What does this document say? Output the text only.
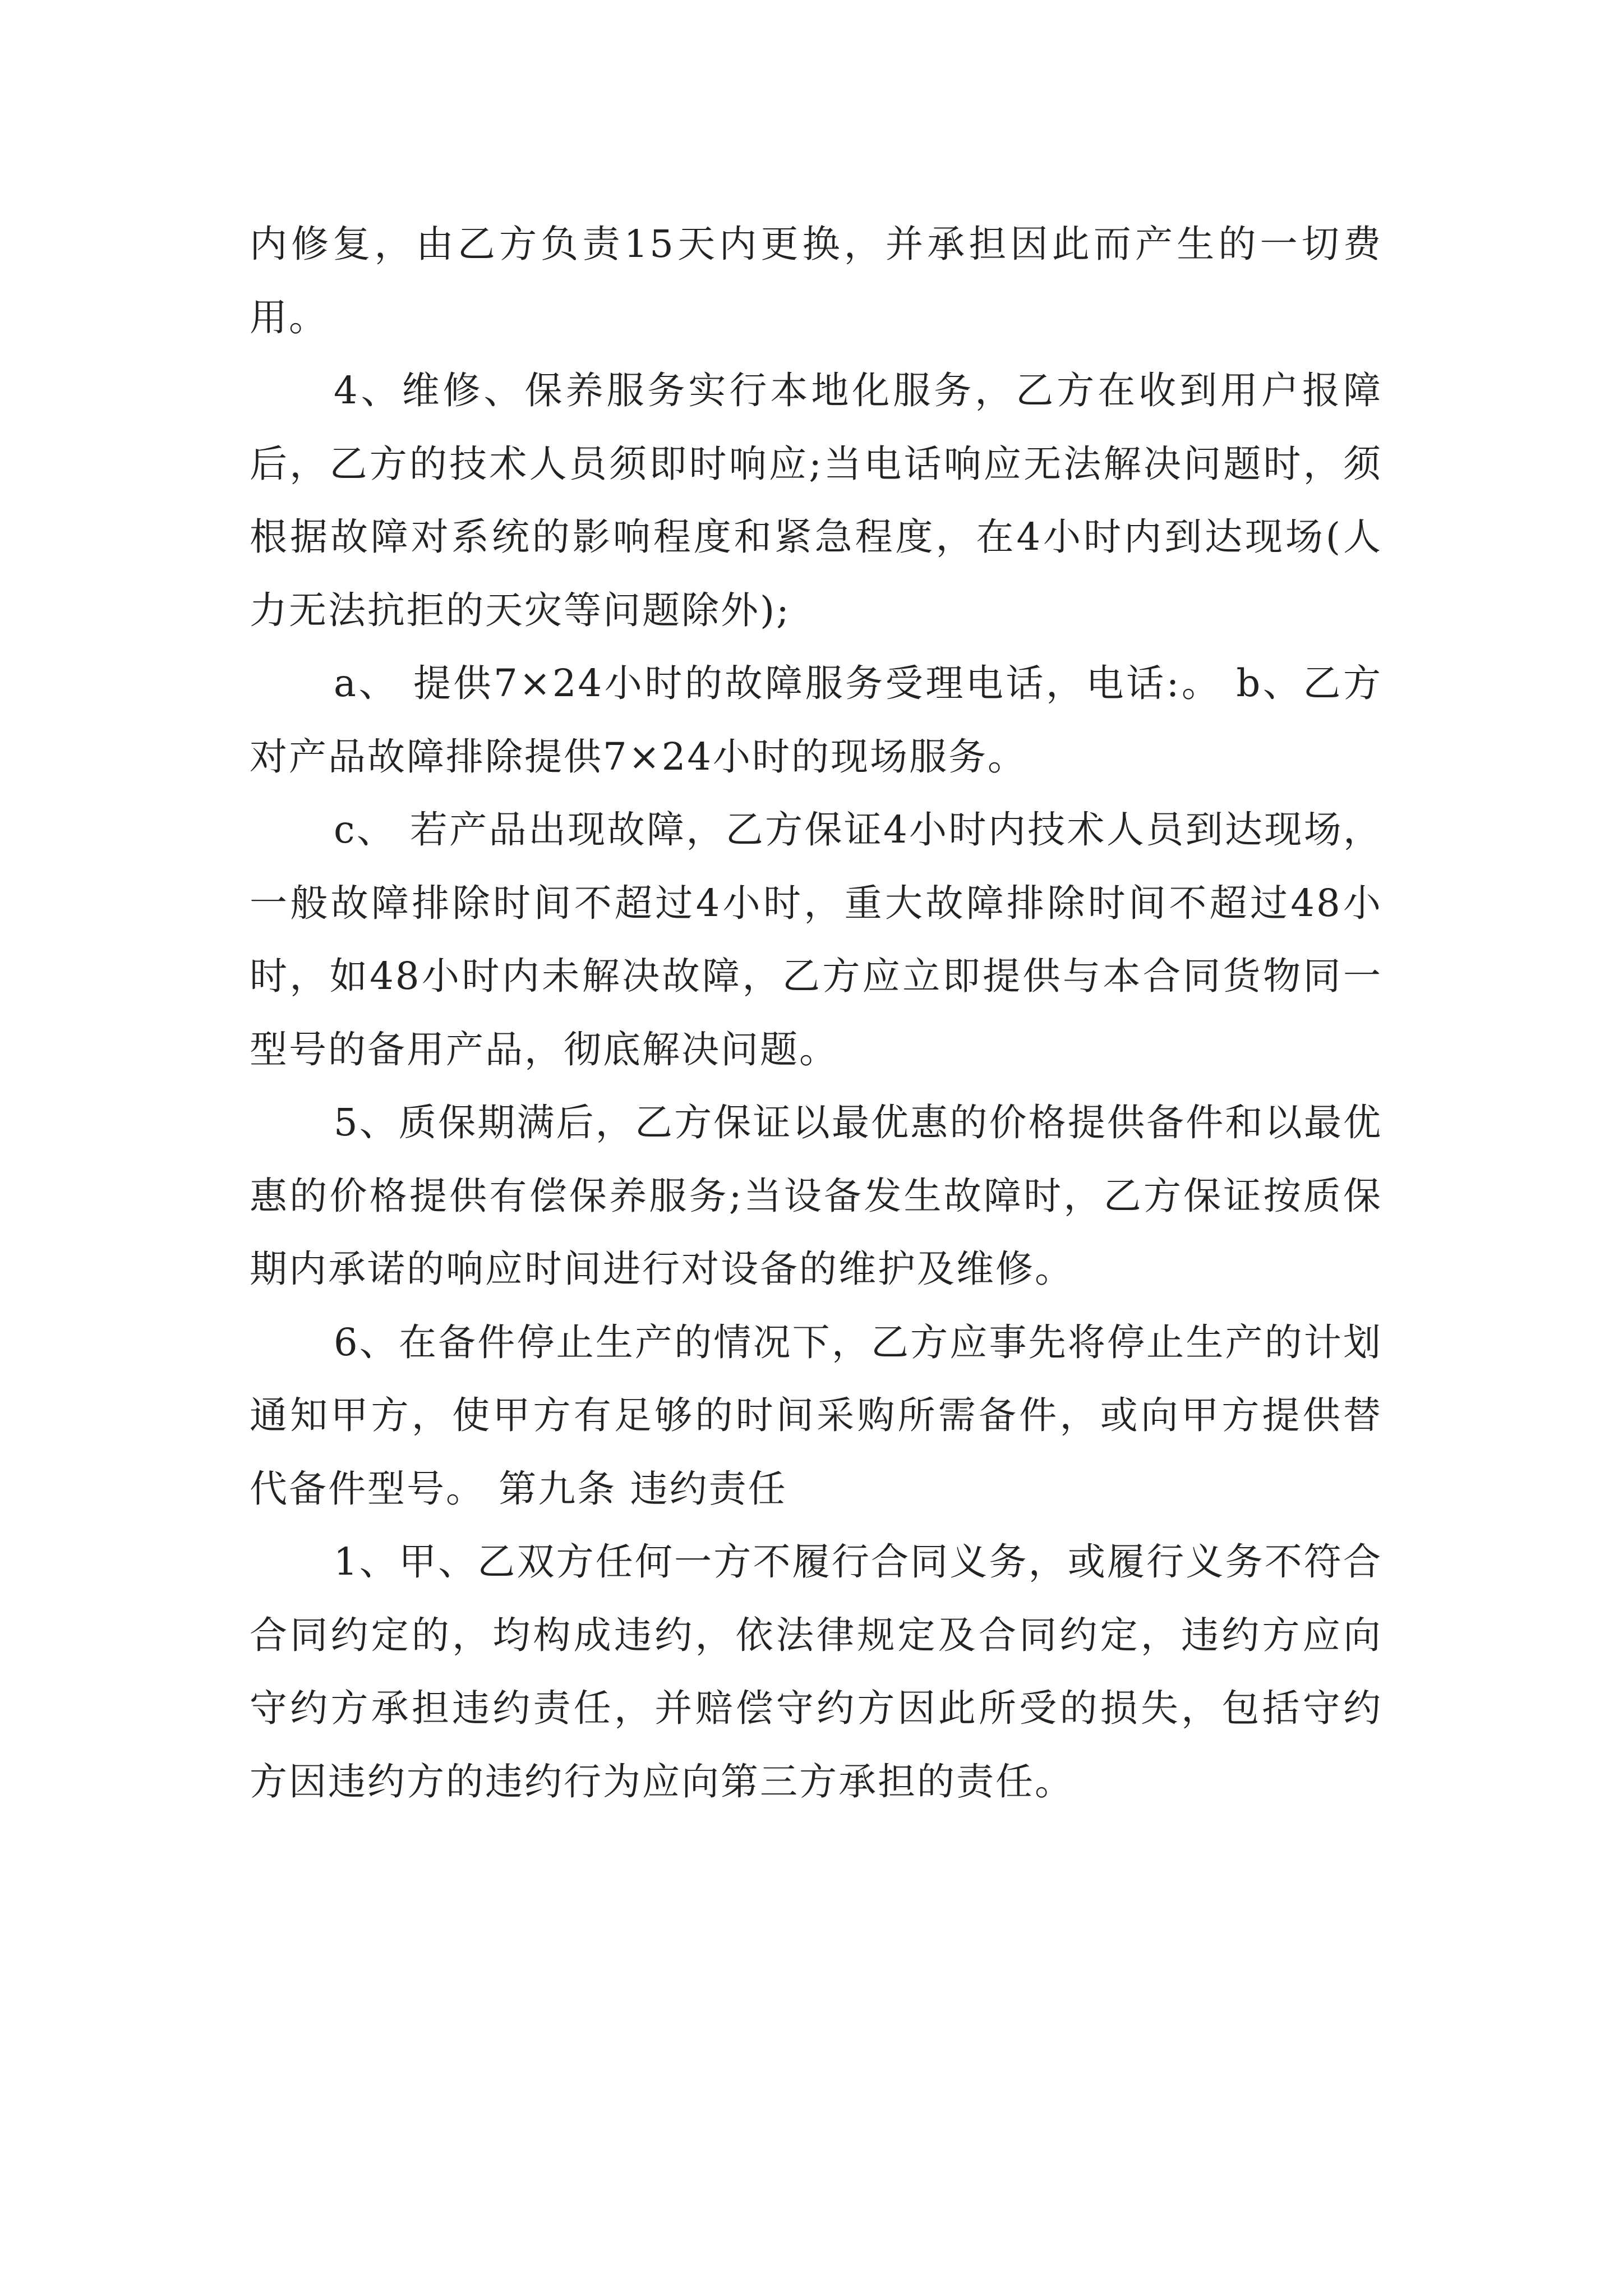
内修复，由乙方负责15天内更换，并承担因此而产生的一切费用。

4、维修、保养服务实行本地化服务，乙方在收到用户报障后，乙方的技术人员须即时响应;当电话响应无法解决问题时，须根据故障对系统的影响程度和紧急程度，在4小时内到达现场(人力无法抗拒的天灾等问题除外);

a、 提供7×24小时的故障服务受理电话，电话:。 b、乙方对产品故障排除提供7×24小时的现场服务。

c、 若产品出现故障，乙方保证4小时内技术人员到达现场，一般故障排除时间不超过4小时，重大故障排除时间不超过48小时，如48小时内未解决故障，乙方应立即提供与本合同货物同一型号的备用产品，彻底解决问题。

5、质保期满后，乙方保证以最优惠的价格提供备件和以最优惠的价格提供有偿保养服务;当设备发生故障时，乙方保证按质保期内承诺的响应时间进行对设备的维护及维修。

6、在备件停止生产的情况下，乙方应事先将停止生产的计划通知甲方，使甲方有足够的时间采购所需备件，或向甲方提供替代备件型号。 第九条 违约责任

1、甲、乙双方任何一方不履行合同义务，或履行义务不符合合同约定的，均构成违约，依法律规定及合同约定，违约方应向守约方承担违约责任，并赔偿守约方因此所受的损失，包括守约方因违约方的违约行为应向第三方承担的责任。
